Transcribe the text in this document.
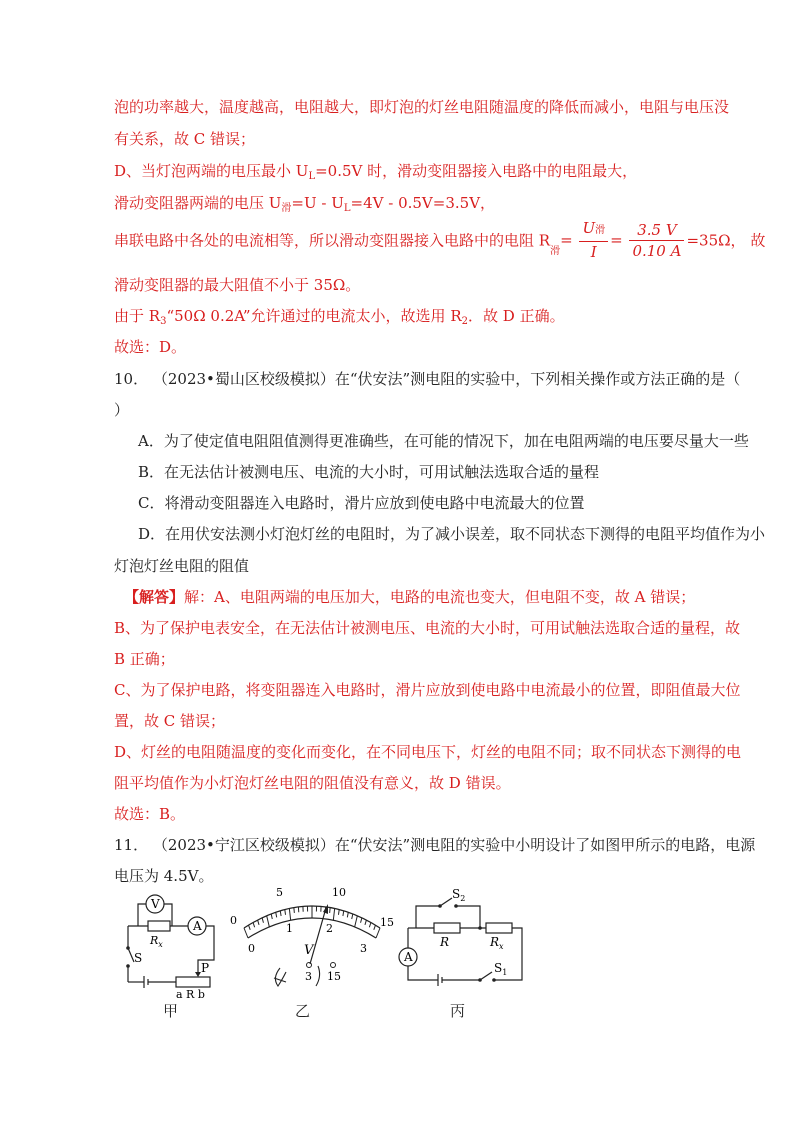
泡的功率越大，温度越高，电阻越大，即灯泡的灯丝电阻随温度的降低而减小，电阻与电压没
有关系，故 C 错误；
D、当灯泡两端的电压最小 $U_L=0.5V$ 时，滑动变阻器接入电路中的电阻最大，
滑动变阻器两端的电压 $U_滑=U - U_L=4V - 0.5V=3.5V$，
串联电路中各处的电流相等，所以滑动变阻器接入电路中的电阻 $R_滑= \frac{\text{U滑}}{I} = \frac{3.5 V}{0.10 A} =35\Omega$， 故
滑动变阻器的最大阻值不小于 35Ω。
由于 $R_3“50\Omega$ 0.2A”允许通过的电流太小，故选用 $R_2$．故 D 正确。
故选：D。
10． （2023•蜀山区校级模拟）在“伏安法”测电阻的实验中，下列相关操作或方法正确的是（
）
A．为了使定值电阻阻值测得更准确些，在可能的情况下，加在电阻两端的电压要尽量大一些
B．在无法估计被测电压、电流的大小时，可用试触法选取合适的量程
C．将滑动变阻器连入电路时，滑片应放到使电路中电流最大的位置
D．在用伏安法测小灯泡灯丝的电阻时，为了减小误差，取不同状态下测得的电阻平均值作为小
灯泡灯丝电阻的阻值
【解答】解：A、电阻两端的电压加大，电路的电流也变大，但电阻不变，故 A 错误；
B、为了保护电表安全，在无法估计被测电压、电流的大小时，可用试触法选取合适的量程，故
B 正确；
C、为了保护电路，将变阻器连入电路时，滑片应放到使电路中电流最小的位置，即阻值最大位
置，故 C 错误；
D、灯丝的电阻随温度的变化而变化，在不同电压下，灯丝的电阻不同；取不同状态下测得的电
阻平均值作为小灯泡灯丝电阻的阻值没有意义，故 D 错误。
故选：B。
11． （2023•宁江区校级模拟）在“伏安法”测电阻的实验中小明设计了如图甲所示的电路，电源
电压为 4.5V。
V
A
$R_x$
S
P
a R b
甲
0
5	10
15
0
1	2
3
V
3 15
乙
$S_2$
R	$R_x$
A
$S_1$
丙
